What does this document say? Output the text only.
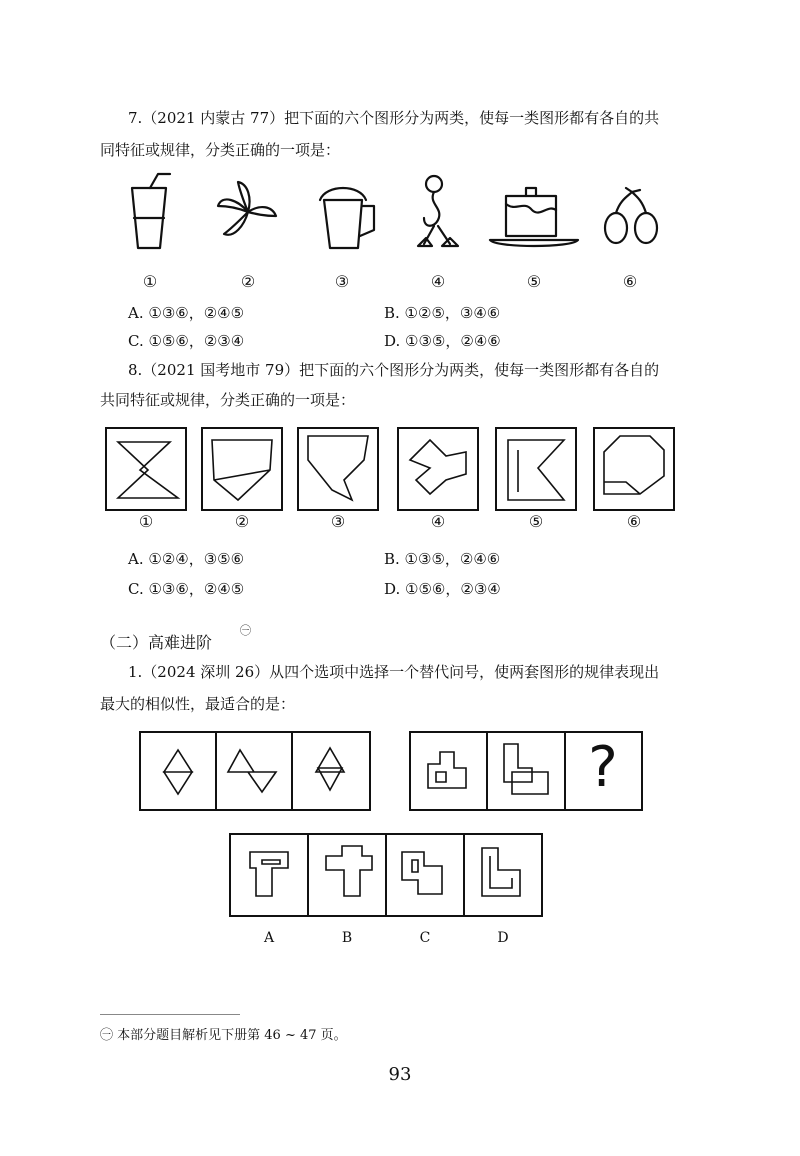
7.（2021 内蒙古 77）把下面的六个图形分为两类，使每一类图形都有各自的共
同特征或规律，分类正确的一项是：
①	②	③	④	⑤	⑥
A. ①③⑥，②④⑤	B. ①②⑤，③④⑥
C. ①⑤⑥，②③④	D. ①③⑤，②④⑥
8.（2021 国考地市 79）把下面的六个图形分为两类，使每一类图形都有各自的
共同特征或规律，分类正确的一项是：
①	②	③	④	⑤	⑥
A. ①②④，③⑤⑥	B. ①③⑤，②④⑥
C. ①③⑥，②④⑤	D. ①⑤⑥，②③④
（二）高难进阶
㊀
1.（2024 深圳 26）从四个选项中选择一个替代问号，使两套图形的规律表现出
最大的相似性，最适合的是：
?
A	B	C	D
㊀ 本部分题目解析见下册第 46 ~ 47 页。
93
